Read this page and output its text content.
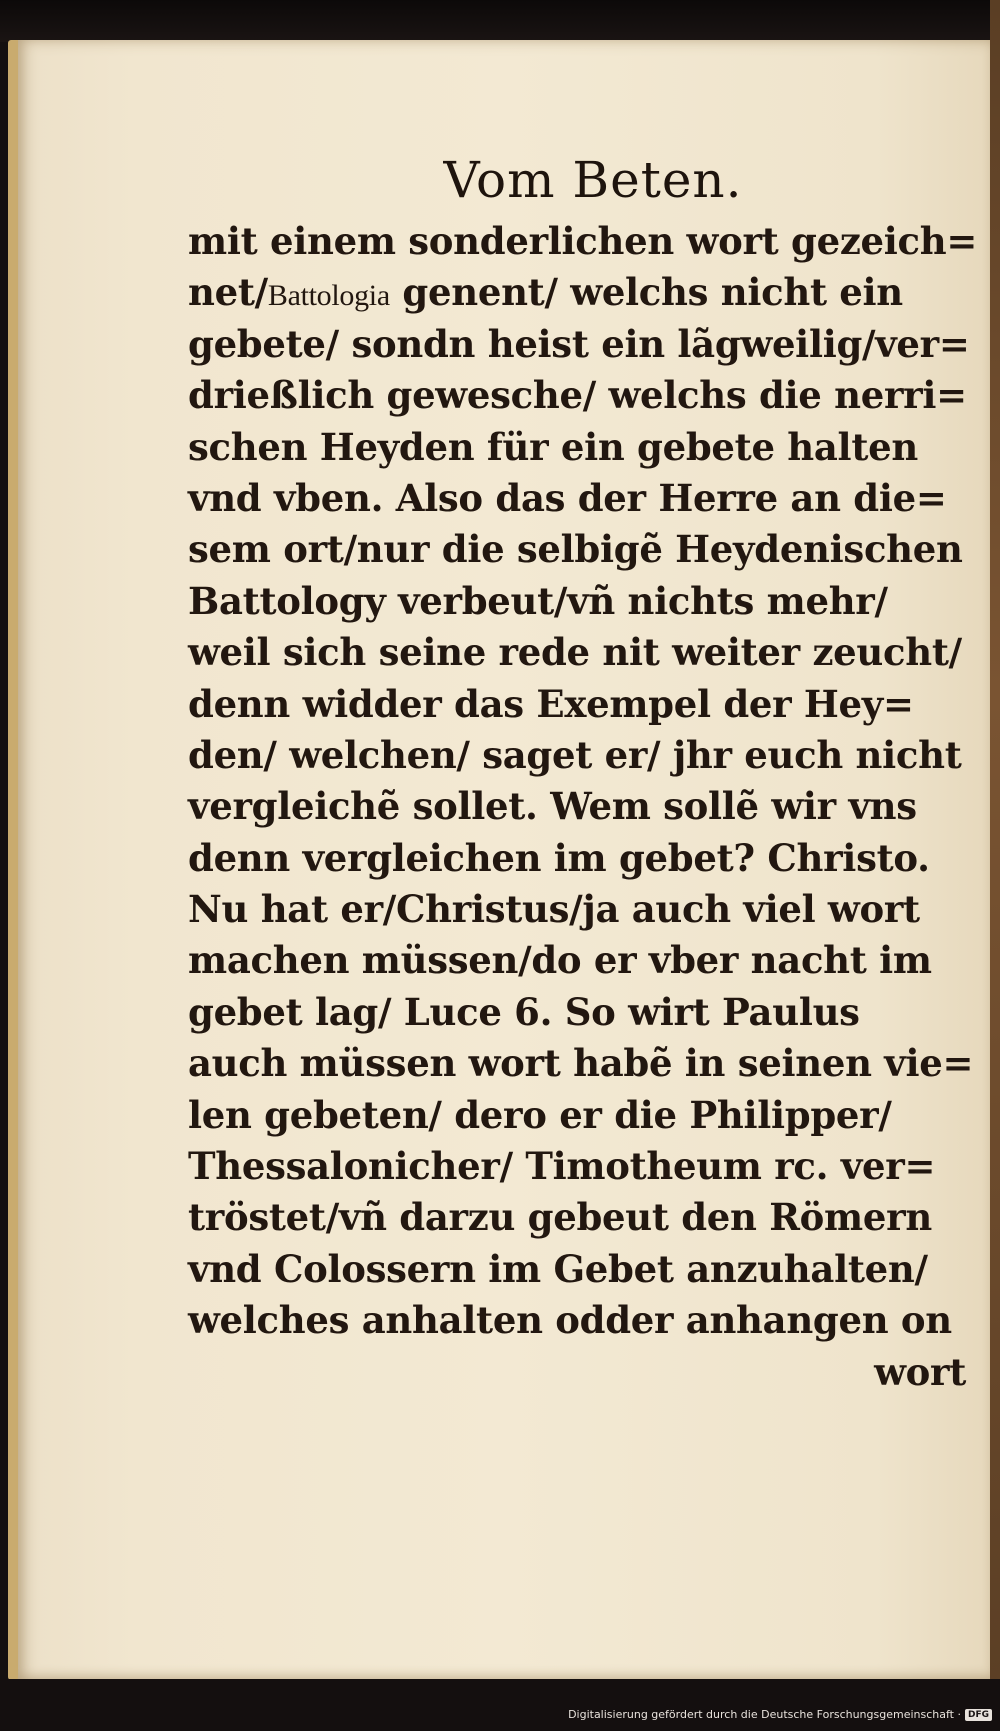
Vom Beten.
mit einem sonderlichen wort gezeich=
net/Battologia genent/ welchs nicht ein
gebete/ sondn heist ein lãgweilig/ver=
drießlich gewesche/ welchs die nerri=
schen Heyden für ein gebete halten
vnd vben. Also das der Herre an die=
sem ort/nur die selbigẽ Heydenischen
Battology verbeut/vñ nichts mehr/
weil sich seine rede nit weiter zeucht/
denn widder das Exempel der Hey=
den/ welchen/ saget er/ jhr euch nicht
vergleichẽ sollet. Wem sollẽ wir vns
denn vergleichen im gebet? Christo.
Nu hat er/Christus/ja auch viel wort
machen müssen/do er vber nacht im
gebet lag/ Luce 6. So wirt Paulus
auch müssen wort habẽ in seinen vie=
len gebeten/ dero er die Philipper/
Thessalonicher/ Timotheum rc. ver=
tröstet/vñ darzu gebeut den Römern
vnd Colossern im Gebet anzuhalten/
welches anhalten odder anhangen on
wort
Digitalisierung gefördert durch die Deutsche Forschungsgemeinschaft · DFG
